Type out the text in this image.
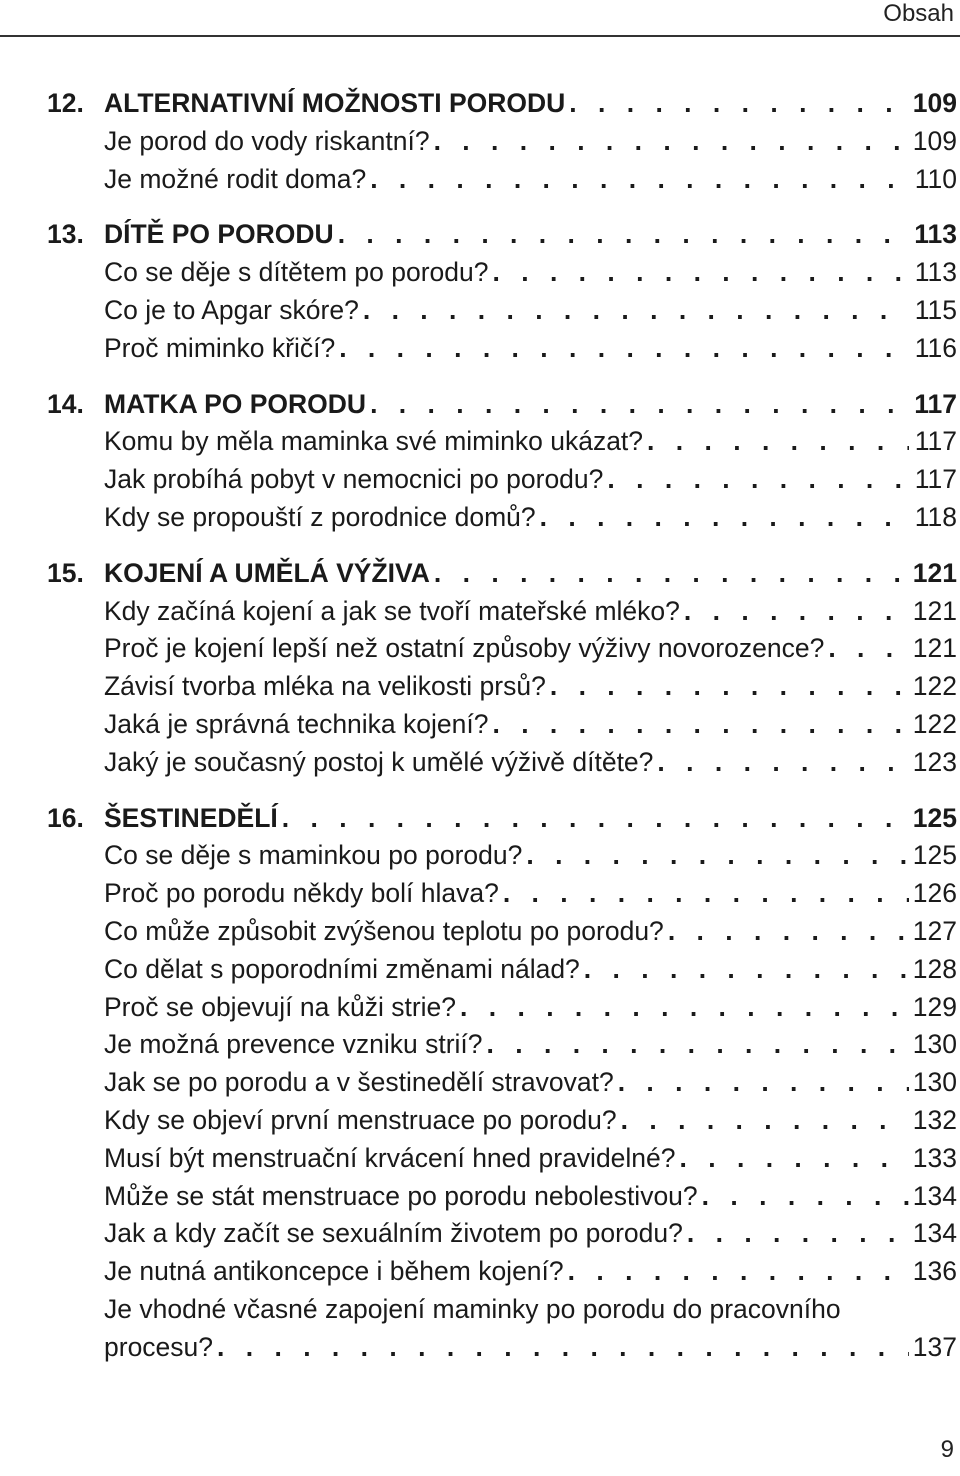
Obsah
12. ALTERNATIVNÍ MOŽNOSTI PORODU . . .	109
Je porod do vody riskantní? . . .	109
Je možné rodit doma? . . .	110
13. DÍTĚ PO PORODU . . .	113
Co se děje s dítětem po porodu? . . .	113
Co je to Apgar skóre? . . .	115
Proč miminko křičí? . . .	116
14. MATKA PO PORODU . . .	117
Komu by měla maminka své miminko ukázat? . . .	117
Jak probíhá pobyt v nemocnici po porodu? . . .	117
Kdy se propouští z porodnice domů? . . .	118
15. KOJENÍ A UMĚLÁ VÝŽIVA . . .	121
Kdy začíná kojení a jak se tvoří mateřské mléko? . . .	121
Proč je kojení lepší než ostatní způsoby výživy novorozence? . . .	121
Závisí tvorba mléka na velikosti prsů? . . .	122
Jaká je správná technika kojení? . . .	122
Jaký je současný postoj k umělé výživě dítěte? . . .	123
16. ŠESTINEDĚLÍ . . .	125
Co se děje s maminkou po porodu? . . .	125
Proč po porodu někdy bolí hlava? . . .	126
Co může způsobit zvýšenou teplotu po porodu? . . .	127
Co dělat s poporodními změnami nálad? . . .	128
Proč se objevují na kůži strie? . . .	129
Je možná prevence vzniku strií? . . .	130
Jak se po porodu a v šestinedělí stravovat? . . .	130
Kdy se objeví první menstruace po porodu? . . .	132
Musí být menstruační krvácení hned pravidelné? . . .	133
Může se stát menstruace po porodu nebolestivou? . . .	134
Jak a kdy začít se sexuálním životem po porodu? . . .	134
Je nutná antikoncepce i během kojení? . . .	136
Je vhodné včasné zapojení maminky po porodu do pracovního
procesu? . . .	137
9
